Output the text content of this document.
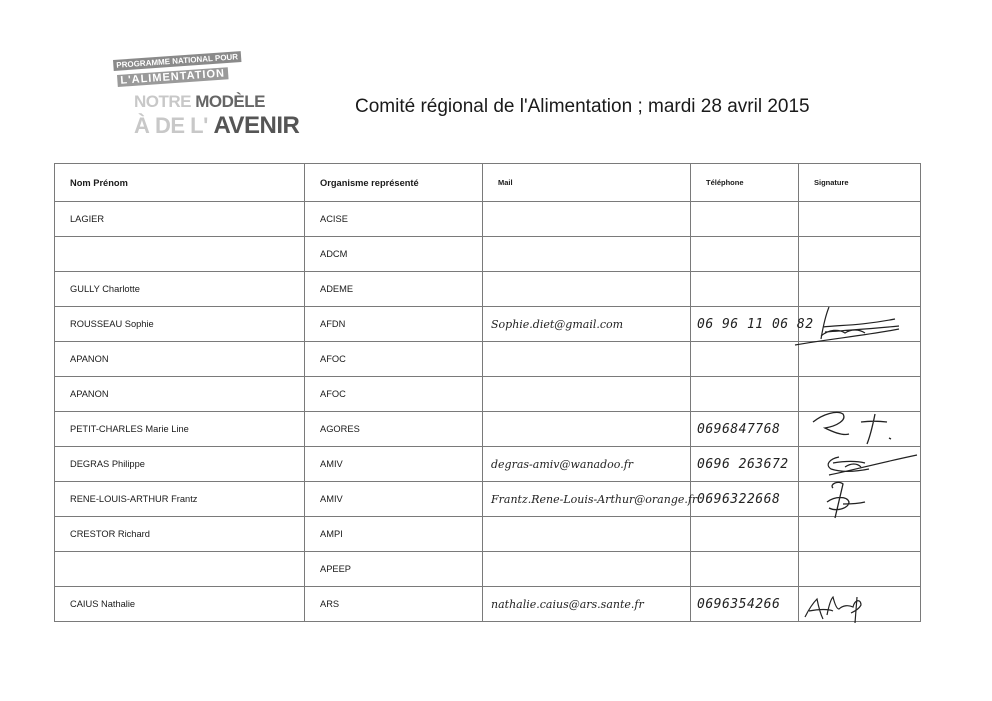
PROGRAMME NATIONAL POUR
L'ALIMENTATION
NOTRE MODÈLE
À DE L' AVENIR
Comité régional de l'Alimentation ; mardi 28 avril 2015
Nom Prénom	Organisme représenté	Mail	Téléphone	Signature
LAGIER	ACISE			
	ADCM			
GULLY Charlotte	ADEME			
ROUSSEAU Sophie	AFDN	Sophie.diet@gmail.com	06 96 11 06 82	

APANON	AFOC			
APANON	AFOC			
PETIT-CHARLES Marie Line	AGORES		0696847768	

DEGRAS Philippe	AMIV	degras-amiv@wanadoo.fr	0696 263672	

RENE-LOUIS-ARTHUR Frantz	AMIV	Frantz.Rene-Louis-Arthur@orange.fr	0696322668	

CRESTOR Richard	AMPI			
	APEEP			
CAIUS Nathalie	ARS	nathalie.caius@ars.sante.fr	0696354266	
